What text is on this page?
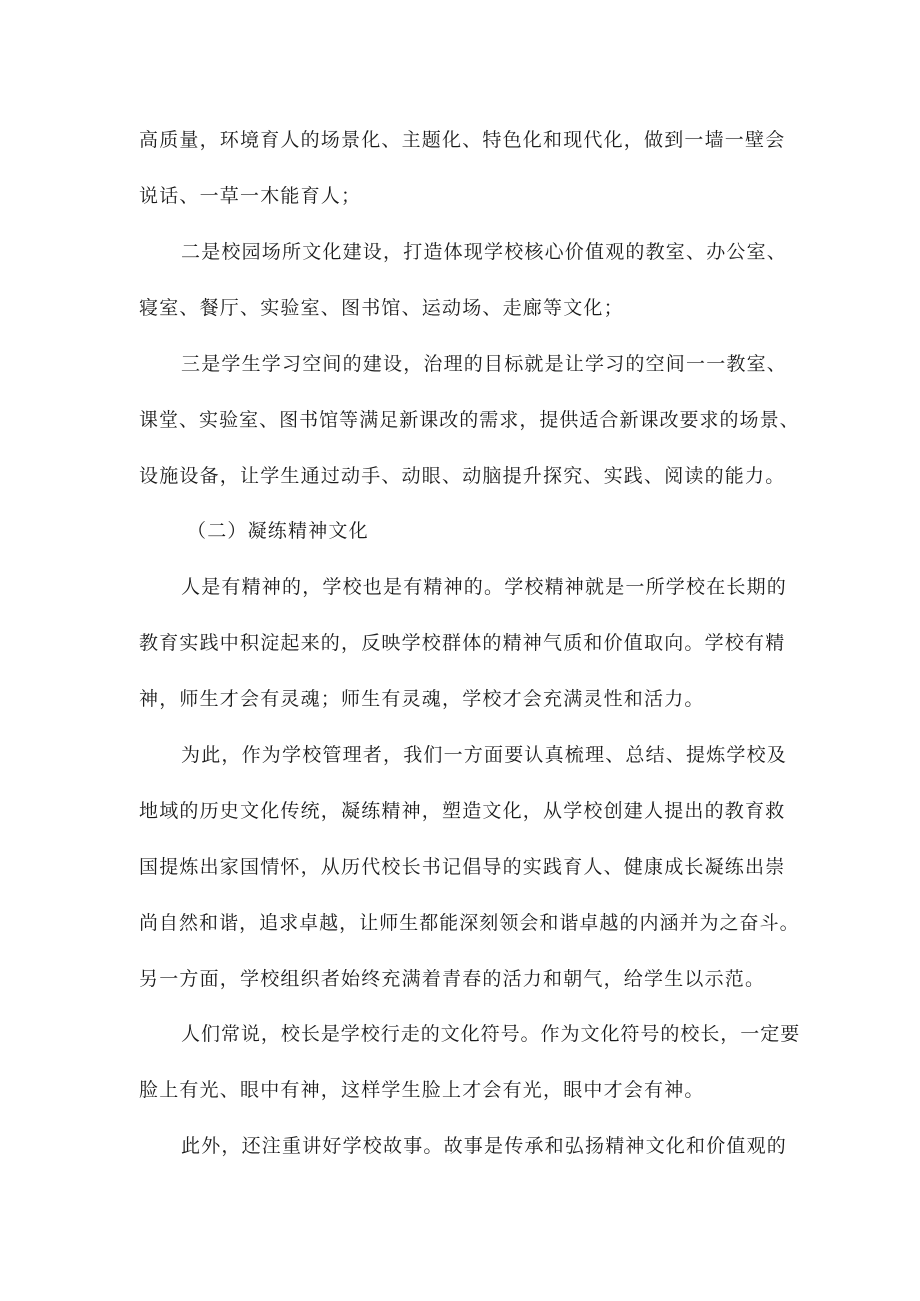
高质量，环境育人的场景化、主题化、特色化和现代化，做到一墙一壁会
说话、一草一木能育人；
二是校园场所文化建设，打造体现学校核心价值观的教室、办公室、
寝室、餐厅、实验室、图书馆、运动场、走廊等文化；
三是学生学习空间的建设，治理的目标就是让学习的空间一一教室、
课堂、实验室、图书馆等满足新课改的需求，提供适合新课改要求的场景、
设施设备，让学生通过动手、动眼、动脑提升探究、实践、阅读的能力。
（二）凝练精神文化
人是有精神的，学校也是有精神的。学校精神就是一所学校在长期的
教育实践中积淀起来的，反映学校群体的精神气质和价值取向。学校有精
神，师生才会有灵魂；师生有灵魂，学校才会充满灵性和活力。
为此，作为学校管理者，我们一方面要认真梳理、总结、提炼学校及
地域的历史文化传统，凝练精神，塑造文化，从学校创建人提出的教育救
国提炼出家国情怀，从历代校长书记倡导的实践育人、健康成长凝练出崇
尚自然和谐，追求卓越，让师生都能深刻领会和谐卓越的内涵并为之奋斗。
另一方面，学校组织者始终充满着青春的活力和朝气，给学生以示范。
人们常说，校长是学校行走的文化符号。作为文化符号的校长，一定要
脸上有光、眼中有神，这样学生脸上才会有光，眼中才会有神。
此外，还注重讲好学校故事。故事是传承和弘扬精神文化和价值观的
